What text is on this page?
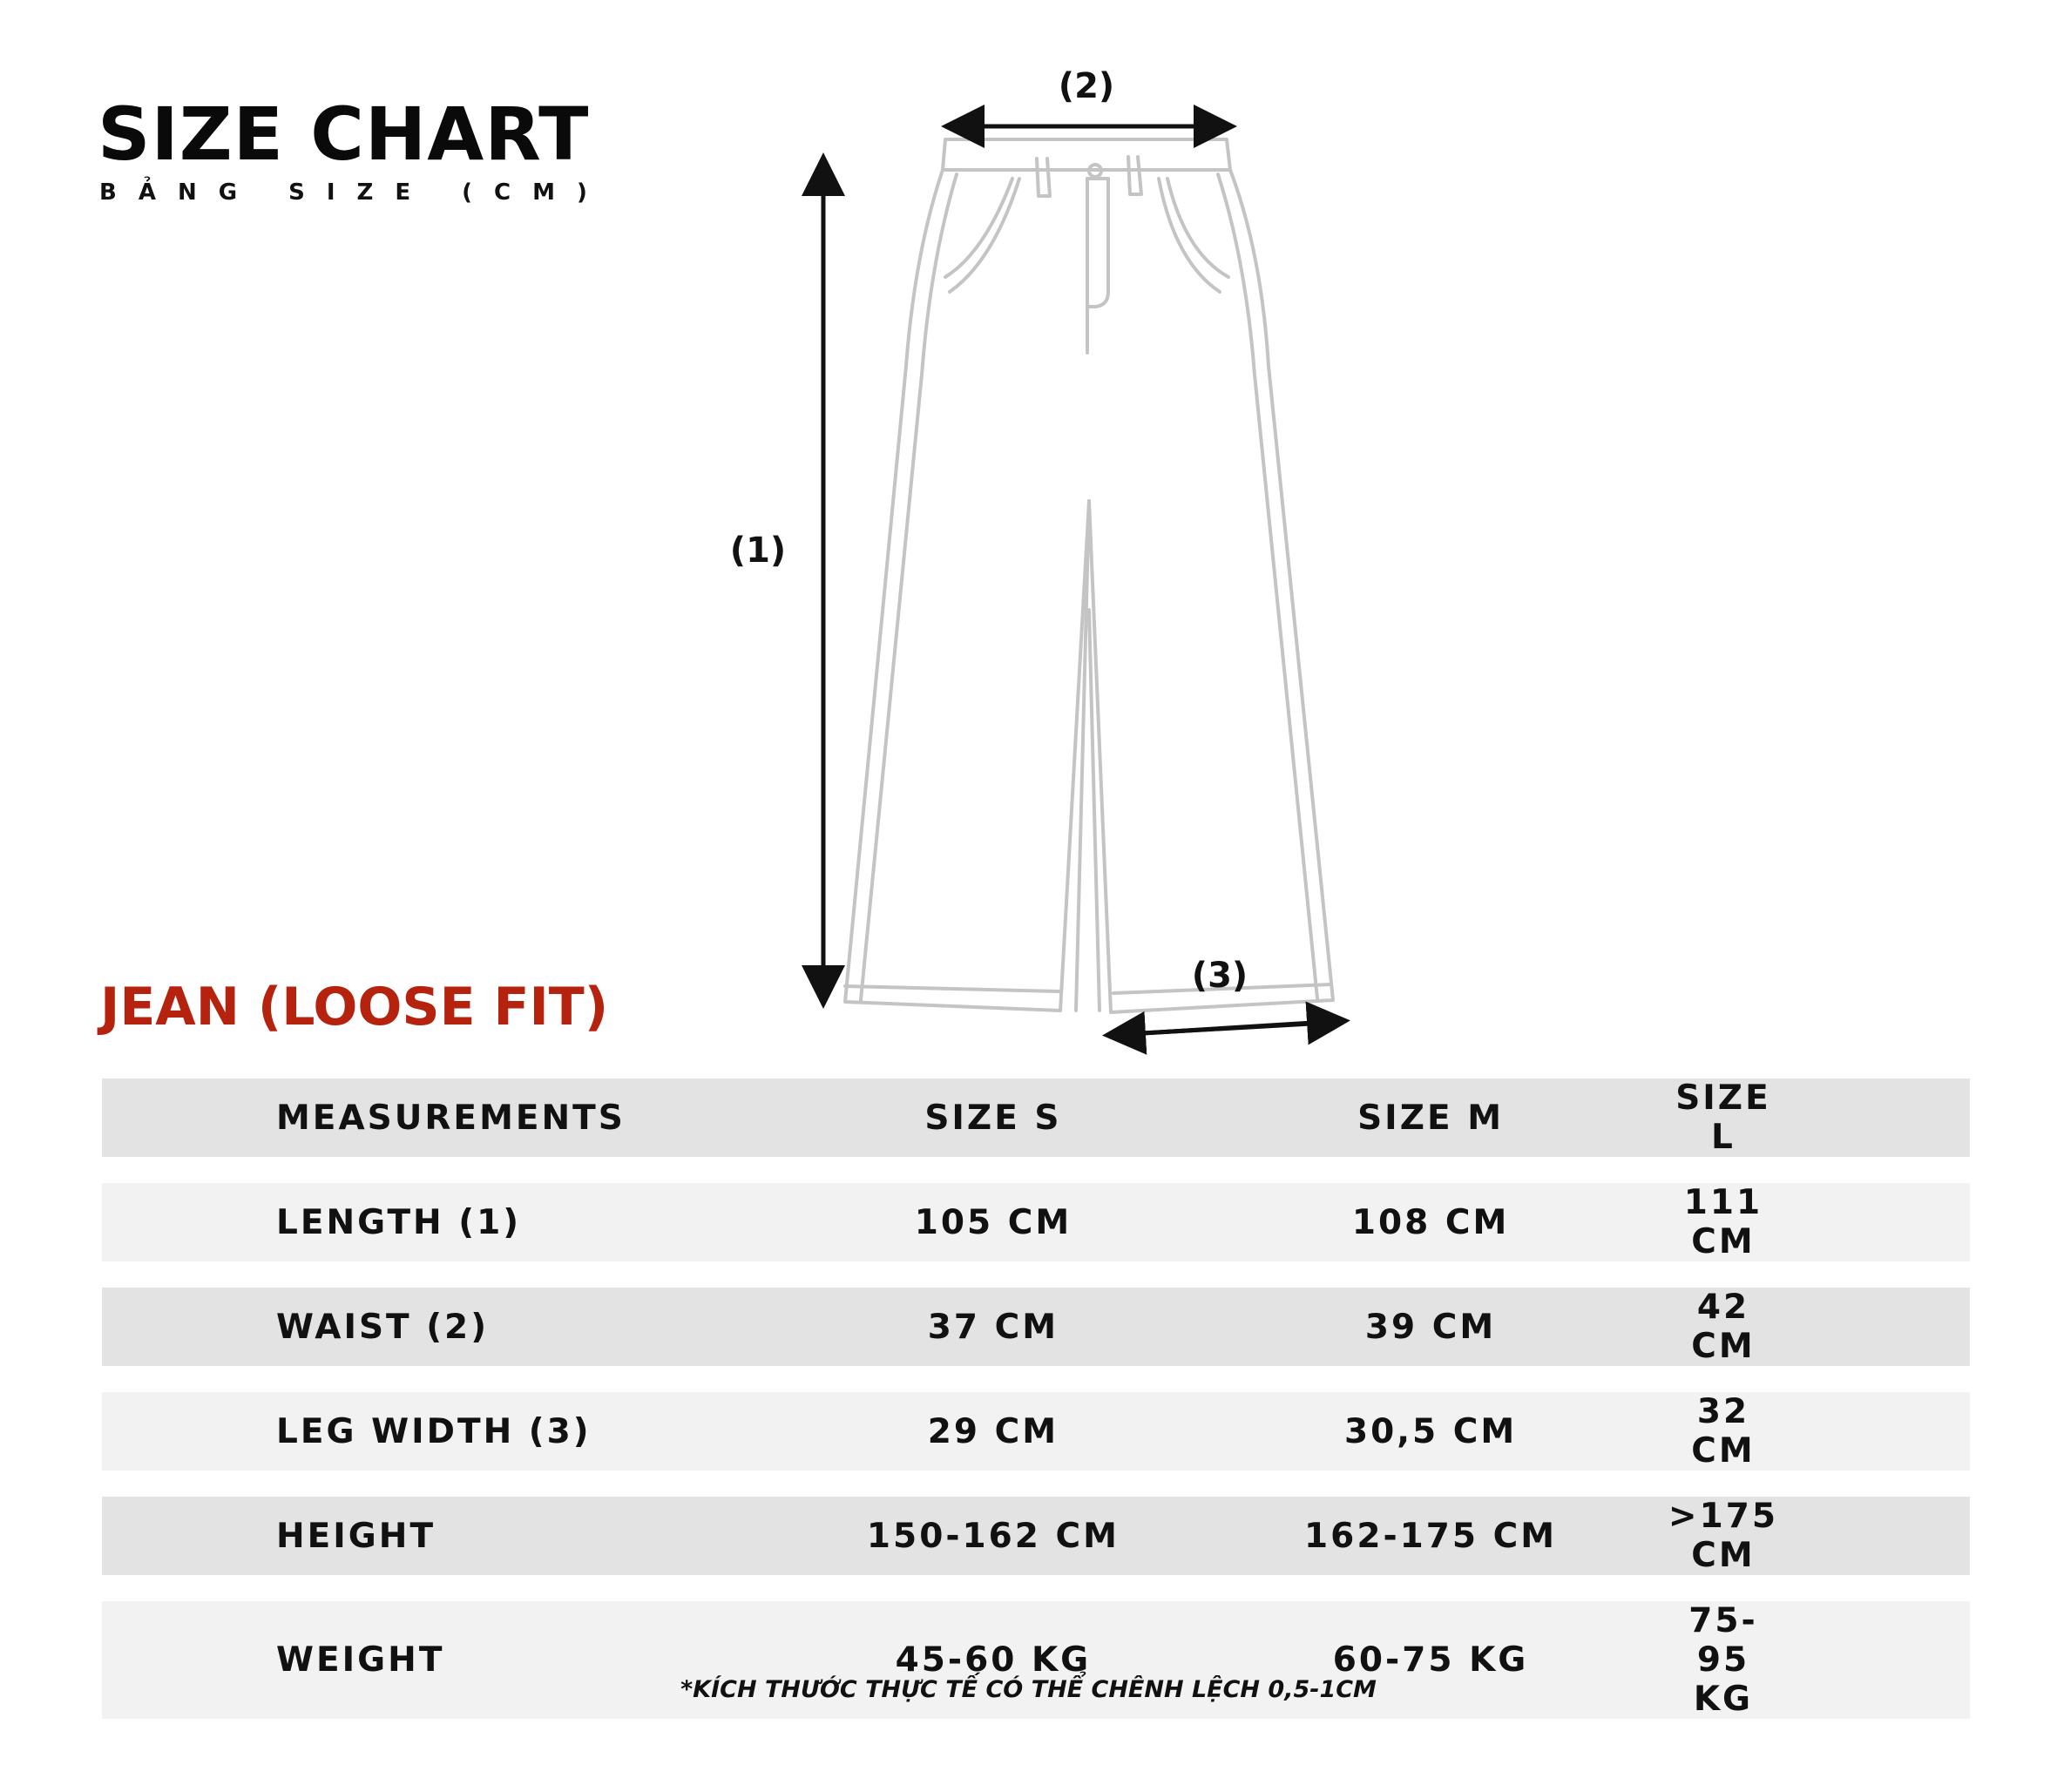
SIZE CHART
BẢNG SIZE (CM)
(2)
(1)
(3)
JEAN (LOOSE FIT)
MEASUREMENTS	SIZE S	SIZE M	SIZE L
LENGTH (1)	105 CM	108 CM	111 CM
WAIST (2)	37 CM	39 CM	42 CM
LEG WIDTH (3)	29 CM	30,5 CM	32 CM
HEIGHT	150-162 CM	162-175 CM	>175 CM
WEIGHT	45-60 KG	60-75 KG	75-95 KG
*KÍCH THƯỚC THỰC TẾ CÓ THỂ CHÊNH LỆCH 0,5-1CM
